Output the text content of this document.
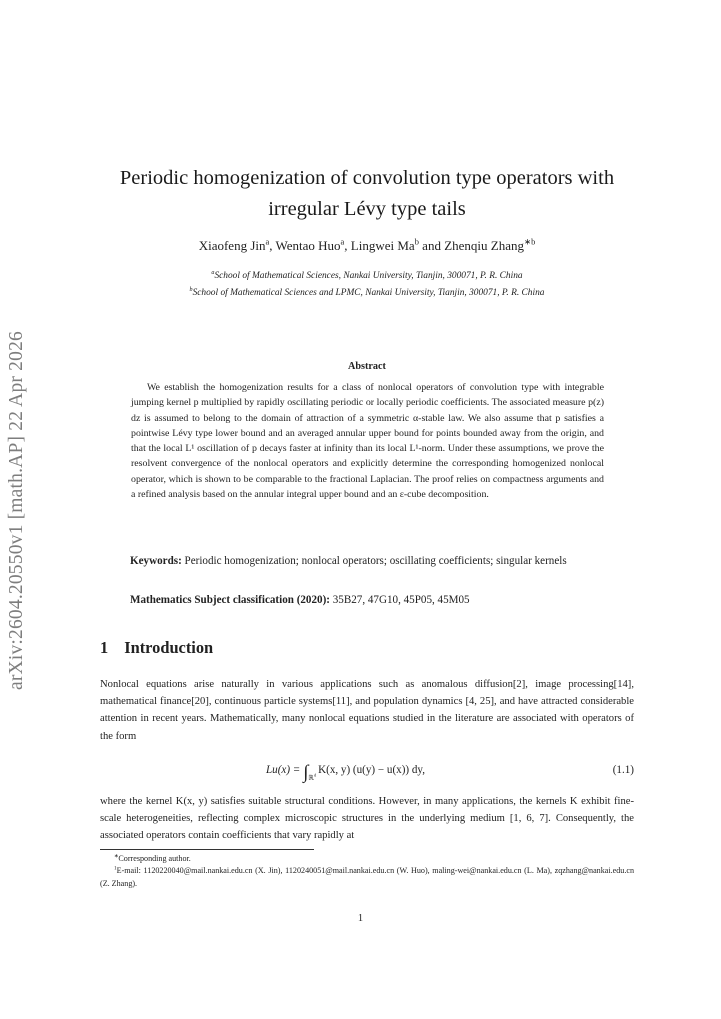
arXiv:2604.20550v1 [math.AP] 22 Apr 2026
Periodic homogenization of convolution type operators with
irregular Lévy type tails
Xiaofeng Jin$^a$, Wentao Huo$^a$, Lingwei Ma$^b$ and Zhenqiu Zhang$^{∗b}$
$^a$School of Mathematical Sciences, Nankai University, Tianjin, 300071, P. R. China
$^b$School of Mathematical Sciences and LPMC, Nankai University, Tianjin, 300071, P. R. China
Abstract
We establish the homogenization results for a class of nonlocal operators of convolution type with integrable jumping kernel p multiplied by rapidly oscillating periodic or locally periodic coefficients. The associated measure p(z) dz is assumed to belong to the domain of attraction of a symmetric α-stable law. We also assume that p satisfies a pointwise Lévy type lower bound and an averaged annular upper bound for points bounded away from the origin, and that the local L¹ oscillation of p decays faster at infinity than its local L¹-norm. Under these assumptions, we prove the resolvent convergence of the nonlocal operators and explicitly determine the corresponding homogenized nonlocal operator, which is shown to be comparable to the fractional Laplacian. The proof relies on compactness arguments and a refined analysis based on the annular integral upper bound and an ε-cube decomposition.
Keywords: Periodic homogenization; nonlocal operators; oscillating coefficients; singular kernels
Mathematics Subject classification (2020): 35B27, 47G10, 45P05, 45M05
1 Introduction
Nonlocal equations arise naturally in various applications such as anomalous diffusion[2], image processing[14], mathematical finance[20], continuous particle systems[11], and population dynamics [4, 25], and have attracted considerable attention in recent years. Mathematically, many nonlocal equations studied in the literature are associated with operators of the form
$Lu(x) = \int_{ℝ^d}$ K(x, y) (u(y) − u(x)) dy,	(1.1)
where the kernel K(x, y) satisfies suitable structural conditions. However, in many applications, the kernels K exhibit fine-scale heterogeneities, reflecting complex microscopic structures in the underlying medium [1, 6, 7]. Consequently, the associated operators contain coefficients that vary rapidly at
∗Corresponding author.
$^1$E-mail: 1120220040@mail.nankai.edu.cn (X. Jin), 1120240051@mail.nankai.edu.cn (W. Huo), maling-wei@nankai.edu.cn (L. Ma), zqzhang@nankai.edu.cn (Z. Zhang).
1
